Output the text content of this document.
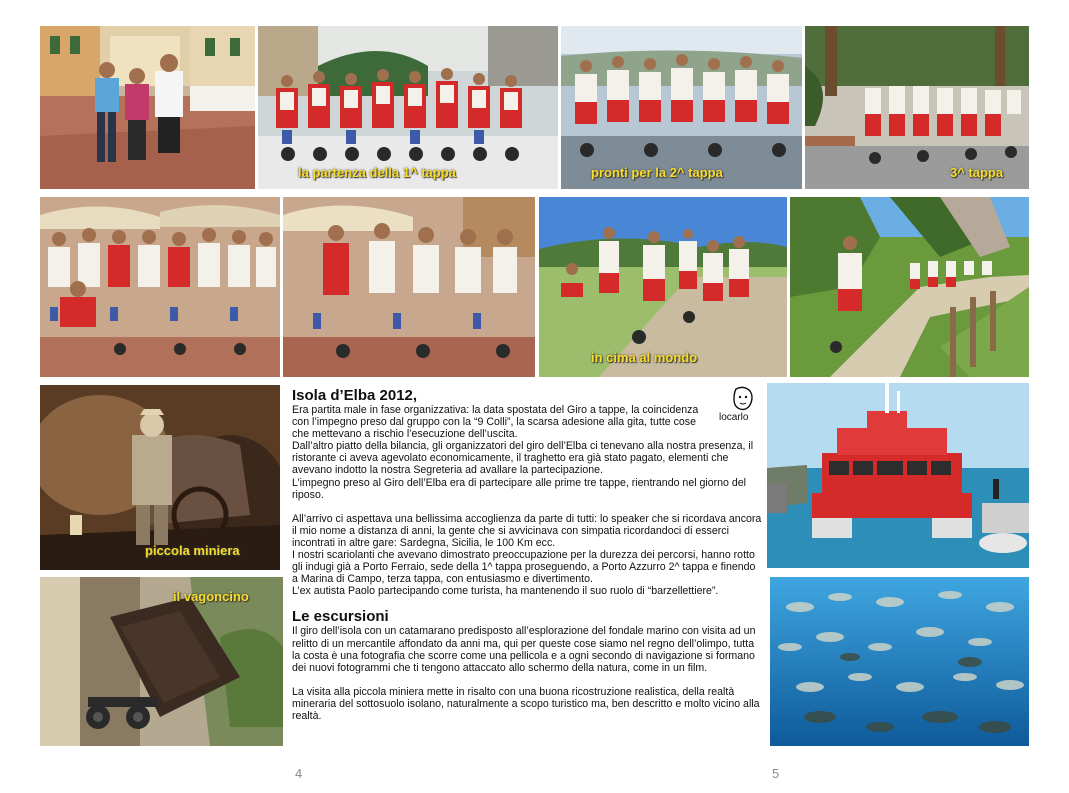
la partenza della 1^ tappa	pronti per la 2^ tappa	3^ tappa
in cima al mondo
piccola miniera
il vagoncino
Isola d’Elba 2012,

Era partita male in fase organizzativa: la data spostata del Giro a tappe, la coincidenza con l’impegno preso dal gruppo con la “9 Colli”, la scarsa adesione alla gita, tutte cose che mettevano a rischio l’esecuzione dell’uscita.

Dall’altro piatto della bilancia, gli organizzatori del giro dell’Elba ci tenevano alla nostra presenza, il ristorante ci aveva agevolato economicamente, il traghetto era già stato pagato, elementi che avevano indotto la nostra Segreteria ad avallare la partecipazione.

L’impegno preso al Giro dell’Elba era di partecipare alle prime tre tappe, rientrando nel giorno del riposo.

All’arrivo ci aspettava una bellissima accoglienza da parte di tutti: lo speaker che si ricordava ancora il mio nome a distanza di anni, la gente che si avvicinava con simpatia ricordandoci di esserci incontrati in altre gare: Sardegna, Sicilia, le 100 Km ecc.

I nostri scariolanti che avevano dimostrato preoccupazione per la durezza dei percorsi, hanno rotto gli indugi già a Porto Ferraio, sede della 1^ tappa proseguendo, a Porto Azzurro 2^ tappa e finendo a Marina di Campo, terza tappa, con entusiasmo e divertimento.

L’ex autista Paolo partecipando come turista, ha mantenendo il suo ruolo di “barzellettiere”.

Le escursioni

Il giro dell’isola con un catamarano predisposto all’esplorazione del fondale marino con visita ad un relitto di un mercantile affondato da anni ma, qui per queste cose siamo nel regno dell’olimpo, tutta la costa è una fotografia che scorre come una pellicola e a ogni secondo di navigazione si formano dei nuovi fotogrammi che ti tengono attaccato allo schermo della natura, come in un film.

La visita alla piccola miniera mette in risalto con una buona ricostruzione realistica, della realtà mineraria del sottosuolo isolano, naturalmente a scopo turistico ma, ben descritto e molto vicino alla realtà.

locarlo
4	5
